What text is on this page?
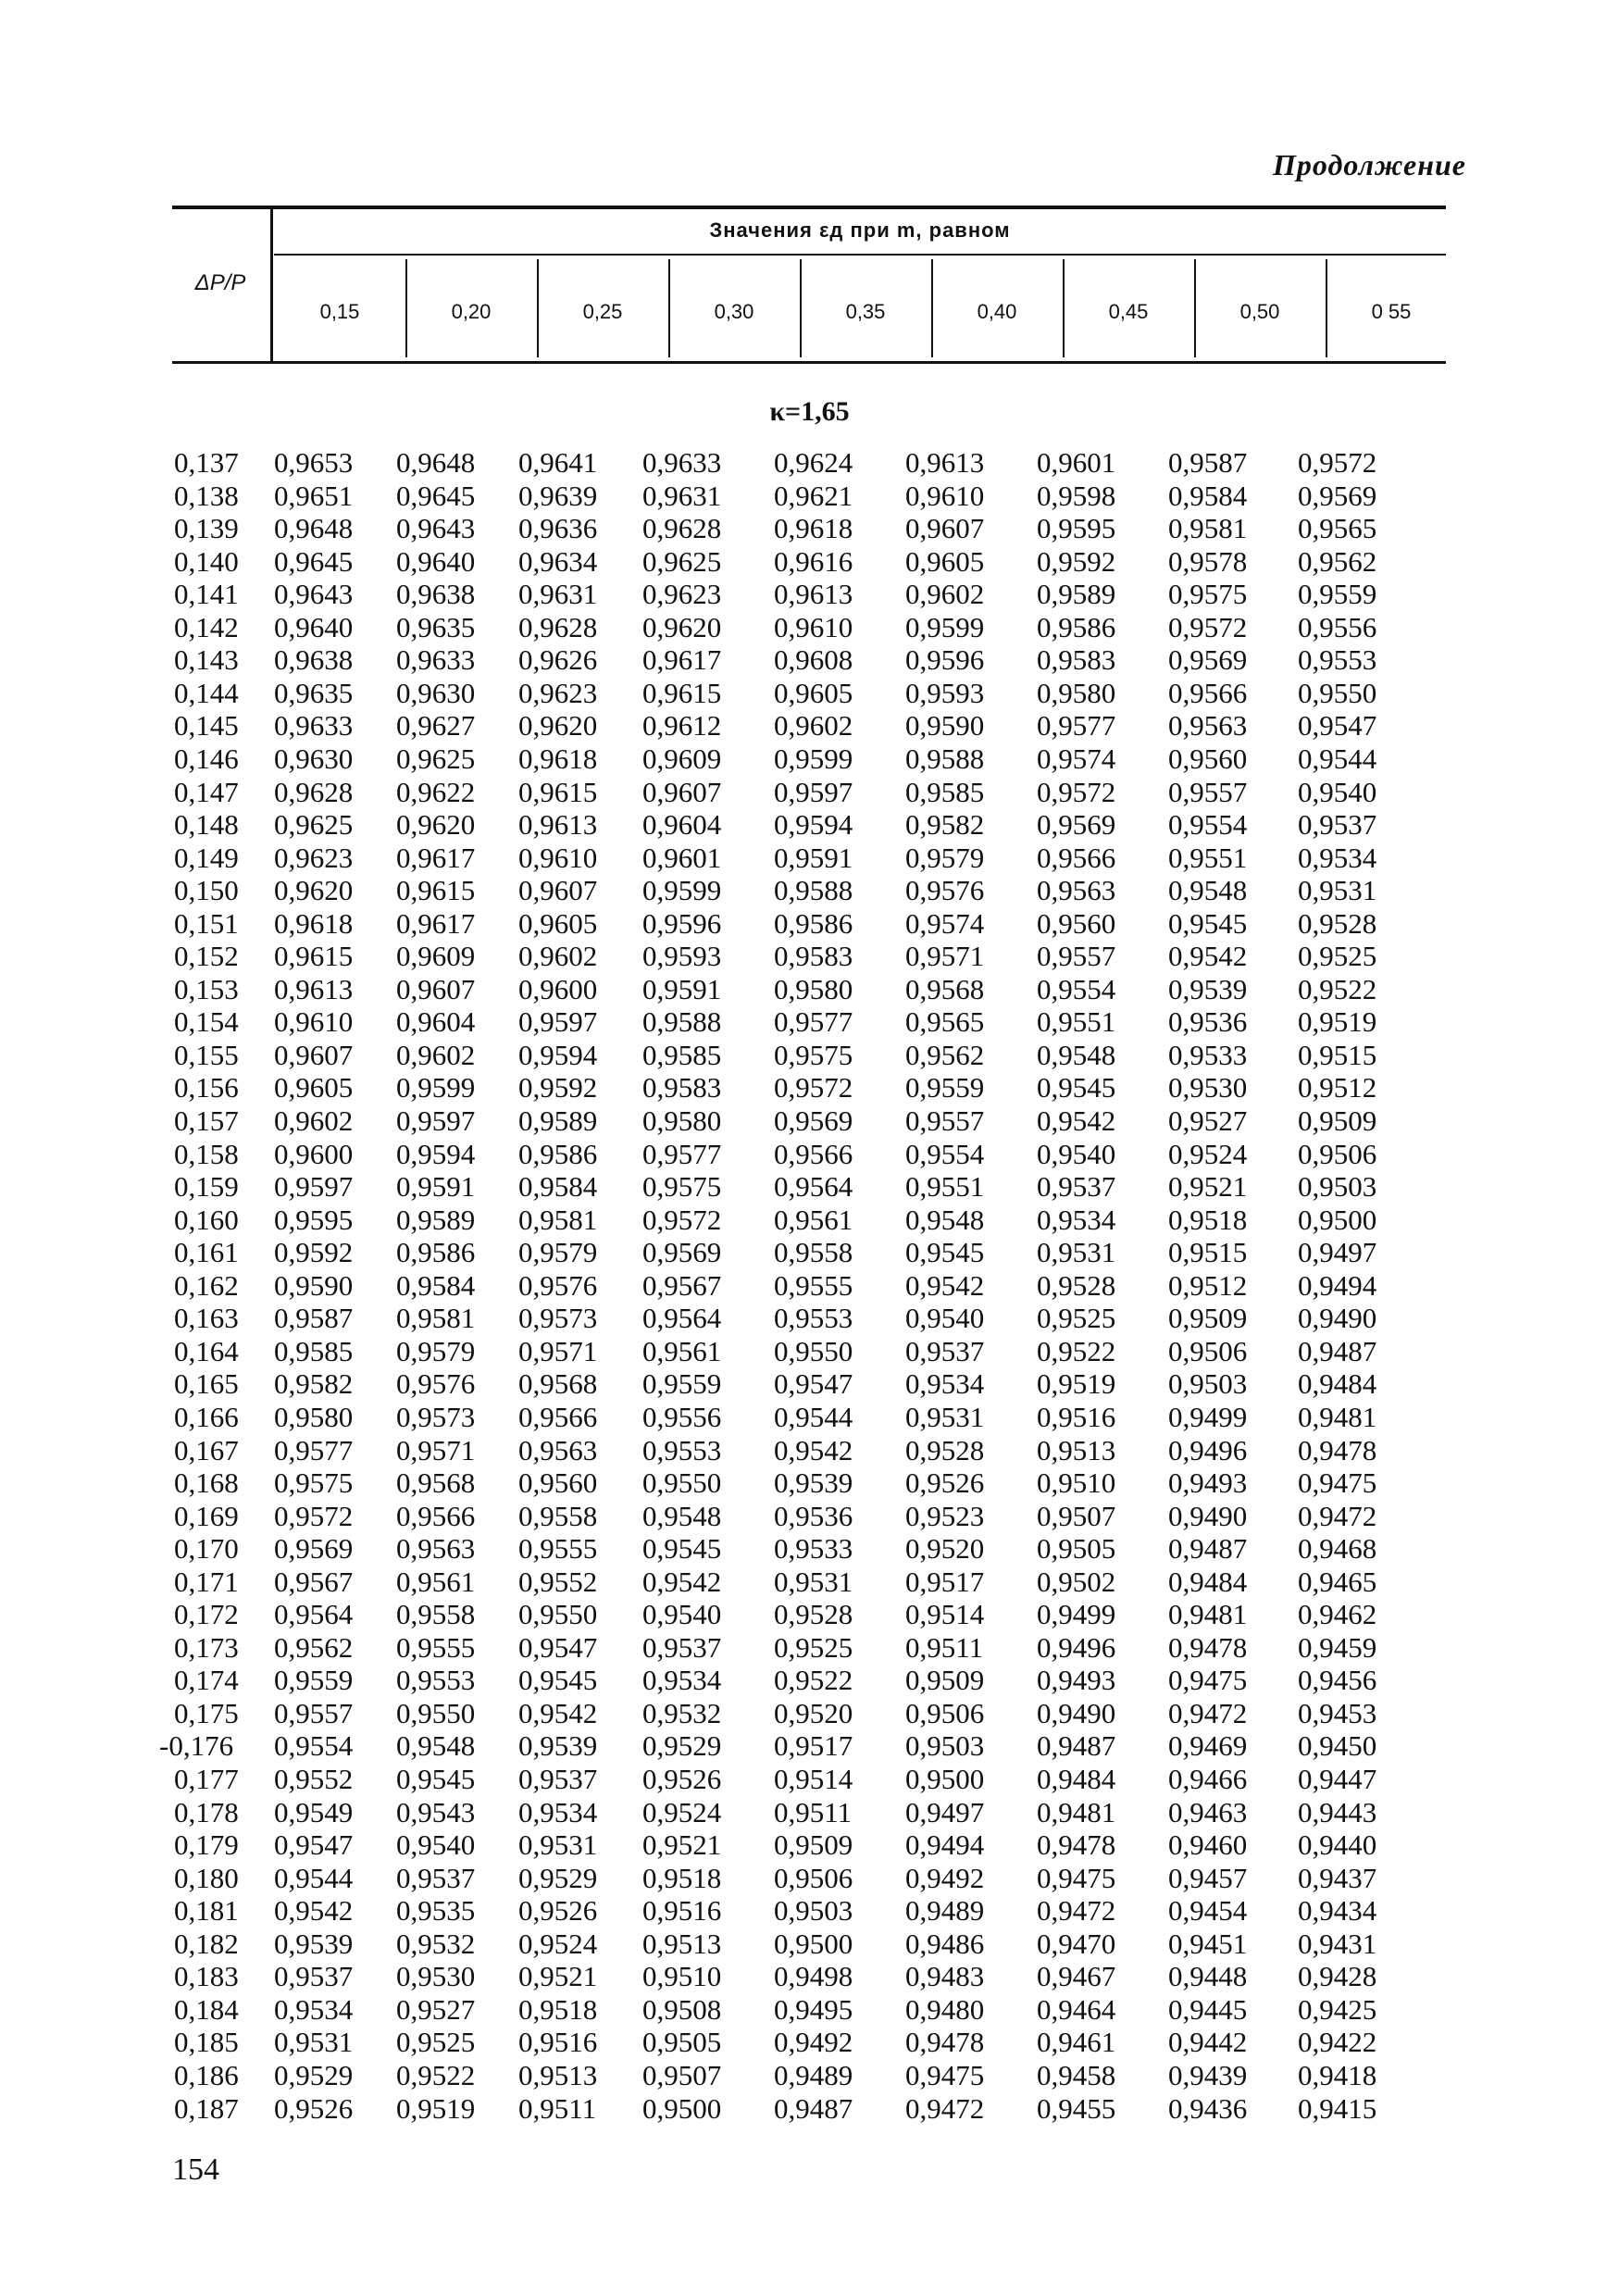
Продолжение
ΔP/P
Значения εд при m, равном
0,15	0,20	0,25	0,30	0,35	0,40	0,45	0,50	0 55
κ=1,65
0,137 0,9653 0,9648 0,9641 0,9633 0,9624 0,9613 0,9601 0,9587 0,9572
0,138 0,9651 0,9645 0,9639 0,9631 0,9621 0,9610 0,9598 0,9584 0,9569
0,139 0,9648 0,9643 0,9636 0,9628 0,9618 0,9607 0,9595 0,9581 0,9565
0,140 0,9645 0,9640 0,9634 0,9625 0,9616 0,9605 0,9592 0,9578 0,9562
0,141 0,9643 0,9638 0,9631 0,9623 0,9613 0,9602 0,9589 0,9575 0,9559
0,142 0,9640 0,9635 0,9628 0,9620 0,9610 0,9599 0,9586 0,9572 0,9556
0,143 0,9638 0,9633 0,9626 0,9617 0,9608 0,9596 0,9583 0,9569 0,9553
0,144 0,9635 0,9630 0,9623 0,9615 0,9605 0,9593 0,9580 0,9566 0,9550
0,145 0,9633 0,9627 0,9620 0,9612 0,9602 0,9590 0,9577 0,9563 0,9547
0,146 0,9630 0,9625 0,9618 0,9609 0,9599 0,9588 0,9574 0,9560 0,9544
0,147 0,9628 0,9622 0,9615 0,9607 0,9597 0,9585 0,9572 0,9557 0,9540
0,148 0,9625 0,9620 0,9613 0,9604 0,9594 0,9582 0,9569 0,9554 0,9537
0,149 0,9623 0,9617 0,9610 0,9601 0,9591 0,9579 0,9566 0,9551 0,9534
0,150 0,9620 0,9615 0,9607 0,9599 0,9588 0,9576 0,9563 0,9548 0,9531
0,151 0,9618 0,9617 0,9605 0,9596 0,9586 0,9574 0,9560 0,9545 0,9528
0,152 0,9615 0,9609 0,9602 0,9593 0,9583 0,9571 0,9557 0,9542 0,9525
0,153 0,9613 0,9607 0,9600 0,9591 0,9580 0,9568 0,9554 0,9539 0,9522
0,154 0,9610 0,9604 0,9597 0,9588 0,9577 0,9565 0,9551 0,9536 0,9519
0,155 0,9607 0,9602 0,9594 0,9585 0,9575 0,9562 0,9548 0,9533 0,9515
0,156 0,9605 0,9599 0,9592 0,9583 0,9572 0,9559 0,9545 0,9530 0,9512
0,157 0,9602 0,9597 0,9589 0,9580 0,9569 0,9557 0,9542 0,9527 0,9509
0,158 0,9600 0,9594 0,9586 0,9577 0,9566 0,9554 0,9540 0,9524 0,9506
0,159 0,9597 0,9591 0,9584 0,9575 0,9564 0,9551 0,9537 0,9521 0,9503
0,160 0,9595 0,9589 0,9581 0,9572 0,9561 0,9548 0,9534 0,9518 0,9500
0,161 0,9592 0,9586 0,9579 0,9569 0,9558 0,9545 0,9531 0,9515 0,9497
0,162 0,9590 0,9584 0,9576 0,9567 0,9555 0,9542 0,9528 0,9512 0,9494
0,163 0,9587 0,9581 0,9573 0,9564 0,9553 0,9540 0,9525 0,9509 0,9490
0,164 0,9585 0,9579 0,9571 0,9561 0,9550 0,9537 0,9522 0,9506 0,9487
0,165 0,9582 0,9576 0,9568 0,9559 0,9547 0,9534 0,9519 0,9503 0,9484
0,166 0,9580 0,9573 0,9566 0,9556 0,9544 0,9531 0,9516 0,9499 0,9481
0,167 0,9577 0,9571 0,9563 0,9553 0,9542 0,9528 0,9513 0,9496 0,9478
0,168 0,9575 0,9568 0,9560 0,9550 0,9539 0,9526 0,9510 0,9493 0,9475
0,169 0,9572 0,9566 0,9558 0,9548 0,9536 0,9523 0,9507 0,9490 0,9472
0,170 0,9569 0,9563 0,9555 0,9545 0,9533 0,9520 0,9505 0,9487 0,9468
0,171 0,9567 0,9561 0,9552 0,9542 0,9531 0,9517 0,9502 0,9484 0,9465
0,172 0,9564 0,9558 0,9550 0,9540 0,9528 0,9514 0,9499 0,9481 0,9462
0,173 0,9562 0,9555 0,9547 0,9537 0,9525 0,9511 0,9496 0,9478 0,9459
0,174 0,9559 0,9553 0,9545 0,9534 0,9522 0,9509 0,9493 0,9475 0,9456
0,175 0,9557 0,9550 0,9542 0,9532 0,9520 0,9506 0,9490 0,9472 0,9453
-0,176 0,9554 0,9548 0,9539 0,9529 0,9517 0,9503 0,9487 0,9469 0,9450
0,177 0,9552 0,9545 0,9537 0,9526 0,9514 0,9500 0,9484 0,9466 0,9447
0,178 0,9549 0,9543 0,9534 0,9524 0,9511 0,9497 0,9481 0,9463 0,9443
0,179 0,9547 0,9540 0,9531 0,9521 0,9509 0,9494 0,9478 0,9460 0,9440
0,180 0,9544 0,9537 0,9529 0,9518 0,9506 0,9492 0,9475 0,9457 0,9437
0,181 0,9542 0,9535 0,9526 0,9516 0,9503 0,9489 0,9472 0,9454 0,9434
0,182 0,9539 0,9532 0,9524 0,9513 0,9500 0,9486 0,9470 0,9451 0,9431
0,183 0,9537 0,9530 0,9521 0,9510 0,9498 0,9483 0,9467 0,9448 0,9428
0,184 0,9534 0,9527 0,9518 0,9508 0,9495 0,9480 0,9464 0,9445 0,9425
0,185 0,9531 0,9525 0,9516 0,9505 0,9492 0,9478 0,9461 0,9442 0,9422
0,186 0,9529 0,9522 0,9513 0,9507 0,9489 0,9475 0,9458 0,9439 0,9418
0,187 0,9526 0,9519 0,9511 0,9500 0,9487 0,9472 0,9455 0,9436 0,9415
154
